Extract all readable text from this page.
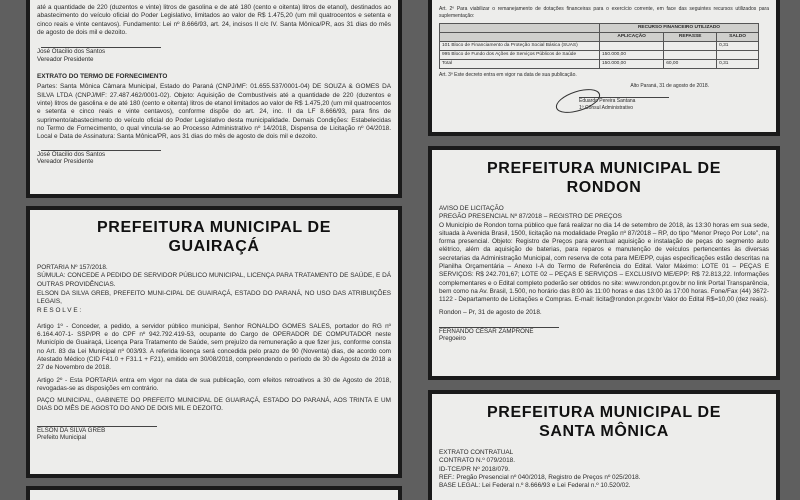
até a quantidade de 220 (duzentos e vinte) litros de gasolina e de até 180 (cento e oitenta) litros de etanol), destinados ao abastecimento do veículo oficial do Poder Legislativo, limitados ao valor de R$ 1.475,20 (um mil quatrocentos e setenta e cinco reais e vinte centavos). Fundamento: Lei nº 8.666/93, art. 24, incisos II c/c IV. Santa Mônica/PR, aos 31 dias do mês de agosto de dois mil e dezoito.

José Otacilio dos Santos
Vereador Presidente
EXTRATO DO TERMO DE FORNECIMENTO

Partes: Santa Mônica Câmara Municipal, Estado do Paraná (CNPJ/MF: 01.655.537/0001-04) DE SOUZA & GOMES DA SILVA LTDA (CNPJ/MF: 27.487.462/0001-02). Objeto: Aquisição de Combustíveis até a quantidade de 220 (duzentos e vinte) litros de gasolina e de até 180 (cento e oitenta) litros de etanol limitados ao valor de R$ 1.475,20 (um mil quatrocentos e setenta e cinco reais e vinte centavos), conforme dispõe do art. 24, inc. II da LF 8.666/93, para fins de suprimento/abastecimento do veículo oficial do Poder Legislativo desta municipalidade. Demais Condições: Estabelecidas no Termo de Fornecimento, o qual vincula-se ao Processo Administrativo nº 14/2018, Dispensa de Licitação nº 04/2018. Local e Data de Assinatura: Santa Mônica/PR, aos 31 dias do mês de agosto de dois mil e dezoito.

José Otacilio dos Santos
Vereador Presidente
PREFEITURA MUNICIPAL DE
GUAIRAÇÁ
PORTARIA Nº 157/2018.

SÚMULA: CONCEDE A PEDIDO DE SERVIDOR PÚBLICO MUNICIPAL, LICENÇA PARA TRATAMENTO DE SAÚDE, E DÁ OUTRAS PROVIDÊNCIAS.

ELSON DA SILVA GREB, PREFEITO MUNI-CIPAL DE GUAIRAÇÁ, ESTADO DO PARANÁ, NO USO DAS ATRIBUIÇÕES LEGAIS,

R E S O L V E :

Artigo 1º - Conceder, a pedido, a servidor público municipal, Senhor RONALDO GOMES SALES, portador do RG nº 6.164.407-1- SSP/PR e do CPF nº 942.792.419-53, ocupante do Cargo de OPERADOR DE COMPUTADOR neste Município de Guairaçá, Licença Para Tratamento de Saúde, sem prejuízo da remuneração a que fizer jus, conforme consta no Art. 83 da Lei Municipal nº 003/93. A referida licença será concedida pelo prazo de 90 (Noventa) dias, de acordo com Atestado Médico (CID F41.0 + F31.1 + F21), emitido em 30/08/2018, compreendendo o período de 30 de Agosto de 2018 a 27 de Novembro de 2018.

Artigo 2º - Esta PORTARIA entra em vigor na data de sua publicação, com efeitos retroativos a 30 de Agosto de 2018, revogadas-se as disposições em contrário.

PAÇO MUNICIPAL, GABINETE DO PREFEITO MUNICIPAL DE GUAIRAÇÁ, ESTADO DO PARANÁ, AOS TRINTA E UM DIAS DO MÊS DE AGOSTO DO ANO DE DOIS MIL E DEZOITO.

ELSON DA SILVA GREB
Prefeito Municipal

Art. 2º Para viabilizar o remanejamento de dotações financeiras para o exercício corrente, em face das seguintes recursos utilizados para suplementação:

	RECURSO FINANCEIRO UTILIZADO		
	APLICAÇÃO	REPASSE	SALDO
101 Bloco de Financiamento da Proteção Social Básica (SUAS)			0,31
995 Bloco de Fundo dos Ações de Serviços Públicos de Saúde	150.000,00		
Total	150.000,00	60,00	0,31

Art. 3º Este decreto entra em vigor na data de sua publicação.

Alto Paraná, 31 de agosto de 2018.
Eduardo Pereira Santana
1º Cônsul Administrativo
PREFEITURA MUNICIPAL DE
RONDON
AVISO DE LICITAÇÃO
PREGÃO PRESENCIAL Nº 87/2018 – REGISTRO DE PREÇOS

O Município de Rondon torna público que fará realizar no dia 14 de setembro de 2018, às 13:30 horas em sua sede, situada à Avenida Brasil, 1500, licitação na modalidade Pregão nº 87/2018 – RP, do tipo "Menor Preço Por Lote", na forma presencial. Objeto: Registro de Preços para eventual aquisição e instalação de peças do segmento auto elétrico, além da aquisição de baterias, para reparos e manutenção de veículos pertencentes às diversas secretarias da Administração Municipal, com reserva de cota para ME/EPP, cujas especificações estão descritas na Planilha Orçamentária – Anexo I-A do Termo de Referência do Edital. Valor Máximo: LOTE 01 – PEÇAS E SERVIÇOS: R$ 242.701,67; LOTE 02 – PEÇAS E SERVIÇOS – EXCLUSIVO ME/EPP: R$ 72.813,22. Informações complementares e o Edital completo poderão ser obtidos no site: www.rondon.pr.gov.br no link Portal Transparência, bem como na Av. Brasil, 1.500, no horário das 8:00 às 11:00 horas e das 13:00 às 17:00 horas. Fone/Fax (44) 3672-1122 - Departamento de Licitações e Compras. E-mail: licita@rondon.pr.gov.br Valor do Edital R$=10,00 (dez reais).

Rondon – Pr, 31 de agosto de 2018.
FERNANDO CÉSAR ZAMPRONE
Pregoeiro
PREFEITURA MUNICIPAL DE
SANTA MÔNICA
EXTRATO CONTRATUAL
CONTRATO N.º 079/2018.
ID-TCE/PR Nº 2018/079.
REF.: Pregão Presencial nº 040/2018, Registro de Preços nº 025/2018.
BASE LEGAL: Lei Federal n.º 8.666/93 e Lei Federal n.º 10.520/02.
